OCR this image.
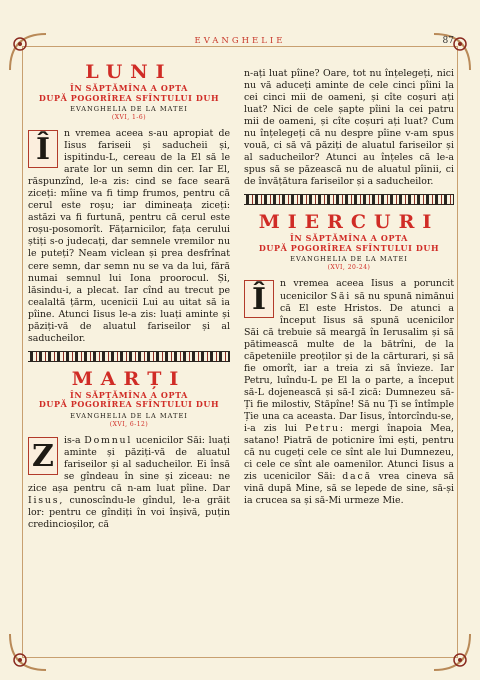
EVANGHELIE	87
LUNI
ÎN SĂPTĂMÎNA A OPTA
DUPĂ POGORÎREA SFÎNTULUI DUH
EVANGHELIA DE LA MATEI
(XVI, 1-6)

Î	n vremea aceea s-au apropiat de Iisus fariseii și saducheii și, ispitindu-L, cereau de la El să le arate lor un semn din cer. Iar El, răspunzînd, le-a zis: cind se face seară ziceți: mîine va fi timp frumos, pentru că cerul este roșu; iar dimineața ziceți: astăzi va fi furtună, pentru că cerul este roșu-posomorît. Fățarnicilor, fața cerului știți s-o judecați, dar semnele vremilor nu le puteți? Neam viclean și prea desfrînat cere semn, dar semn nu se va da lui, fără numai semnul lui Iona proorocul. Și, lăsindu-i, a plecat. Iar cînd au trecut pe cealaltă țărm, ucenicii Lui au uitat să ia pîine. Atunci Iisus le-a zis: luați aminte și păziți-vă de aluatul fariseilor și al saducheilor.

MARȚI
ÎN SĂPTĂMÎNA A OPTA
DUPĂ POGORÎREA SFÎNTULUI DUH
EVANGHELIA DE LA MATEI
(XVI, 6-12)

Z	is-a Domnul ucenicilor Săi: luați aminte și păziți-vă de aluatul fariseilor și al saducheilor. Ei însă se gîndeau în sine și ziceau: ne zice așa pentru că n-am luat pîine. Dar Iisus, cunoscîndu-le gîndul, le-a grăit lor: pentru ce gîndiți în voi înșivă, puțin credincioșilor, că

n-ați luat pîine? Oare, tot nu înțelegeți, nici nu vă aduceți aminte de cele cinci pîini la cei cinci mii de oameni, și cîte coșuri ați luat? Nici de cele șapte pîini la cei patru mii de oameni, și cîte coșuri ați luat? Cum nu înțelegeți că nu despre pîine v-am spus vouă, ci să vă păziți de aluatul fariseilor și al saducheilor? Atunci au înțeles că le-a spus să se păzească nu de aluatul pîinii, ci de învățătura fariseilor și a saducheilor.

MIERCURI
ÎN SĂPTĂMÎNA A OPTA
DUPĂ POGORÎREA SFÎNTULUI DUH
EVANGHELIA DE LA MATEI
(XVI, 20-24)

Î	n vremea aceea Iisus a poruncit ucenicilor Săi să nu spună nimănui că El este Hristos. De atunci a început Iisus să spună ucenicilor Săi că trebuie să meargă în Ierusalim și să pătimească multe de la bătrîni, de la căpeteniile preoților și de la cărturari, și să fie omorît, iar a treia zi să învieze. Iar Petru, luîndu-L pe El la o parte, a început să-L dojenească și să-I zică: Dumnezeu să-Ți fie milostiv, Stăpîne! Să nu Ți se întîmple Ție una ca aceasta. Dar Iisus, întorcîndu-se, i-a zis lui Petru: mergi înapoia Mea, satano! Piatră de poticnire îmi ești, pentru că nu cugeți cele ce sînt ale lui Dumnezeu, ci cele ce sînt ale oamenilor. Atunci Iisus a zis ucenicilor Săi: dacă vrea cineva să vină după Mine, să se lepede de sine, să-și ia crucea sa și să-Mi urmeze Mie.
